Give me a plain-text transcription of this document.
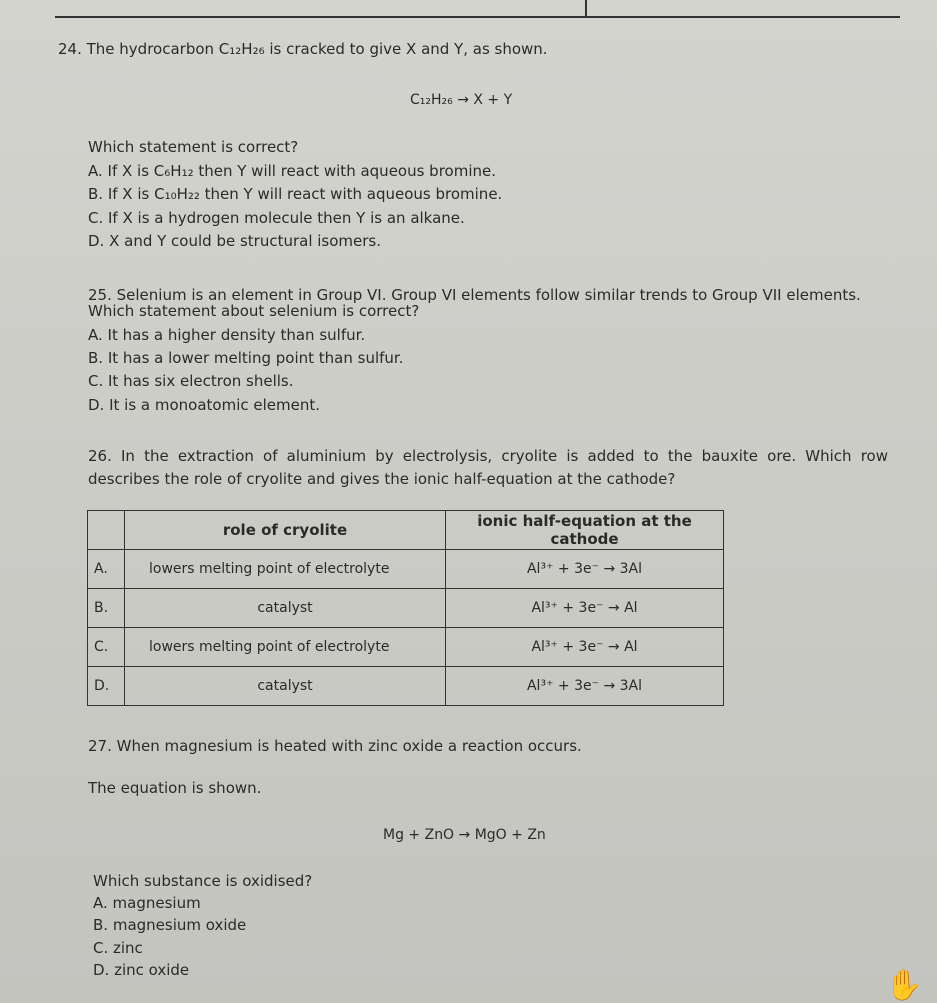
24. The hydrocarbon C₁₂H₂₆ is cracked to give X and Y, as shown.
C₁₂H₂₆ → X + Y
Which statement is correct?
A. If X is C₆H₁₂ then Y will react with aqueous bromine.
B. If X is C₁₀H₂₂ then Y will react with aqueous bromine.
C. If X is a hydrogen molecule then Y is an alkane.
D. X and Y could be structural isomers.
25. Selenium is an element in Group VI. Group VI elements follow similar trends to Group VII elements.
Which statement about selenium is correct?
A. It has a higher density than sulfur.
B. It has a lower melting point than sulfur.
C. It has six electron shells.
D. It is a monoatomic element.
26. In the extraction of aluminium by electrolysis, cryolite is added to the bauxite ore. Which row describes the role of cryolite and gives the ionic half-equation at the cathode?
	role of cryolite	ionic half-equation at the cathode
A.	lowers melting point of electrolyte	Al³⁺ + 3e⁻ → 3Al
B.	catalyst	Al³⁺ + 3e⁻ → Al
C.	lowers melting point of electrolyte	Al³⁺ + 3e⁻ → Al
D.	catalyst	Al³⁺ + 3e⁻ → 3Al
27. When magnesium is heated with zinc oxide a reaction occurs.
The equation is shown.
Mg + ZnO → MgO + Zn
Which substance is oxidised?
A. magnesium
B. magnesium oxide
C. zinc
D. zinc oxide	✋
